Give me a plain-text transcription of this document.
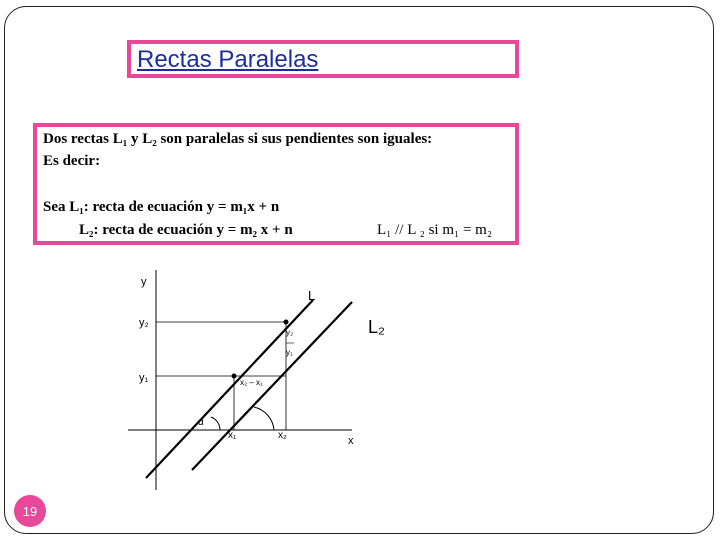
Rectas Paralelas
Dos rectas L₁ y L₂ son paralelas si sus pendientes son iguales:
Es decir:
Sea L₁: recta de ecuación y = m₁x + n
L₂: recta de ecuación y = m₂ x + n	L₁ // L ₂ si m₁ = m₂
y
x
L
L₂
y₂
y₁
x₁	x₂
y₂
y₁
x₂ – x₁
α
19
